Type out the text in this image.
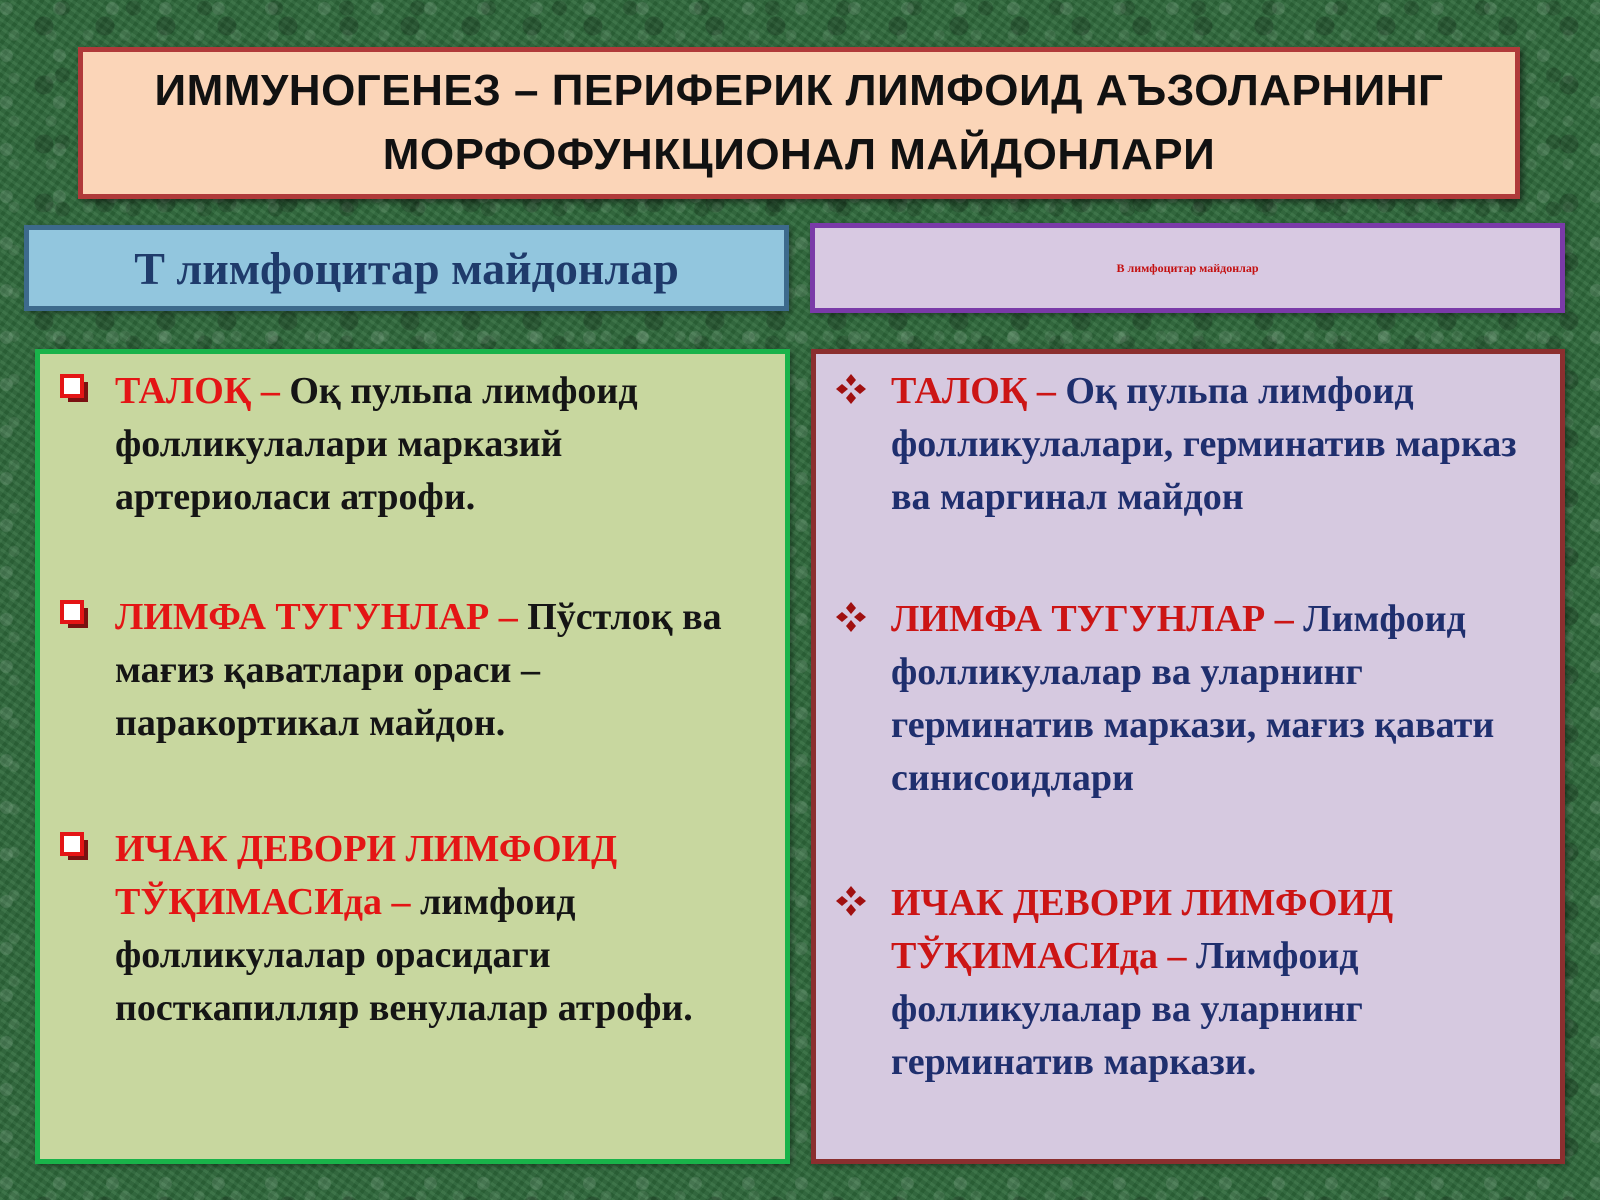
ИММУНОГЕНЕЗ – ПЕРИФЕРИК ЛИМФОИД АЪЗОЛАРНИНГ
МОРФОФУНКЦИОНАЛ МАЙДОНЛАРИ
Т лимфоцитар майдонлар	В лимфоцитар майдонлар
ТАЛОҚ – Оқ пульпа лимфоид фолликулалари марказий артериоласи атрофи.
ЛИМФА ТУГУНЛАР – Пўстлоқ ва мағиз қаватлари ораси – паракортикал майдон.
ИЧАК ДЕВОРИ ЛИМФОИД ТЎҚИМАСИда – лимфоид фолликулалар орасидаги посткапилляр венулалар атрофи.
ТАЛОҚ – Оқ пульпа лимфоид фолликулалари, герминатив марказ ва маргинал майдон
ЛИМФА ТУГУНЛАР – Лимфоид фолликулалар ва уларнинг герминатив маркази, мағиз қавати синисоидлари
ИЧАК ДЕВОРИ ЛИМФОИД ТЎҚИМАСИда – Лимфоид фолликулалар ва уларнинг герминатив маркази.
